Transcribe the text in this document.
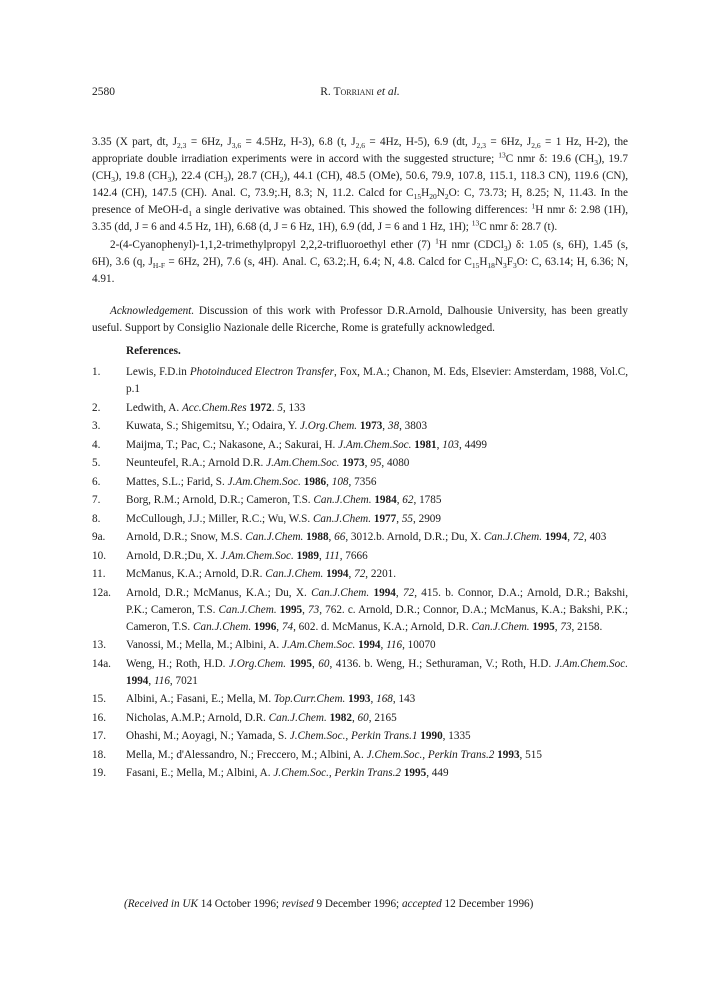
2580	R. Torriani et al.

3.35 (X part, dt, $J_{2,3} = 6Hz$, $J_{3,6} = 4.5Hz$, H-3), 6.8 (t, $J_{2,6} = 4Hz$, H-5), 6.9 (dt, $J_{2,3} = 6Hz$, $J_{2,6} = 1$ Hz, H-2), the appropriate double irradiation experiments were in accord with the suggested structure; $^{13}$C nmr δ: 19.6 $(CH_3)$, 19.7 $(CH_3)$, 19.8 $(CH_3)$, 22.4 $(CH_3)$, 28.7 $(CH_2)$, 44.1 (CH), 48.5 (OMe), 50.6, 79.9, 107.8, 115.1, 118.3 CN), 119.6 (CN), 142.4 (CH), 147.5 (CH). Anal. C, 73.9;.H, 8.3; N, 11.2. Calcd for $C_{15}H_{20}N_2O$: C, 73.73; H, 8.25; N, 11.43. In the presence of MeOH-$d_1$ a single derivative was obtained. This showed the following differences: $^1$H nmr δ: 2.98 (1H), 3.35 (dd, J = 6 and 4.5 Hz, 1H), 6.68 (d, J = 6 Hz, 1H), 6.9 (dd, J = 6 and 1 Hz, 1H); $^{13}$C nmr δ: 28.7 (t).

2-(4-Cyanophenyl)-1,1,2-trimethylpropyl 2,2,2-trifluoroethyl ether (7) $^1$H nmr (CDCl$_3$) δ: 1.05 (s, 6H), 1.45 (s, 6H), 3.6 (q, $J_{H-F} = 6Hz$, 2H), 7.6 (s, 4H). Anal. C, 63.2;.H, 6.4; N, 4.8. Calcd for $C_{15}H_{18}N_3F_3O$: C, 63.14; H, 6.36; N, 4.91.

Acknowledgement. Discussion of this work with Professor D.R.Arnold, Dalhousie University, has been greatly useful. Support by Consiglio Nazionale delle Ricerche, Rome is gratefully acknowledged.

References.
1. Lewis, F.D.in Photoinduced Electron Transfer, Fox, M.A.; Chanon, M. Eds, Elsevier: Amsterdam, 1988, Vol.C, p.1
2. Ledwith, A. Acc.Chem.Res 1972. 5, 133
3. Kuwata, S.; Shigemitsu, Y.; Odaira, Y. J.Org.Chem. 1973, 38, 3803
4. Maijma, T.; Pac, C.; Nakasone, A.; Sakurai, H. J.Am.Chem.Soc. 1981, 103, 4499
5. Neunteufel, R.A.; Arnold D.R. J.Am.Chem.Soc. 1973, 95, 4080
6. Mattes, S.L.; Farid, S. J.Am.Chem.Soc. 1986, 108, 7356
7. Borg, R.M.; Arnold, D.R.; Cameron, T.S. Can.J.Chem. 1984, 62, 1785
8. McCullough, J.J.; Miller, R.C.; Wu, W.S. Can.J.Chem. 1977, 55, 2909
9a. Arnold, D.R.; Snow, M.S. Can.J.Chem. 1988, 66, 3012.b. Arnold, D.R.; Du, X. Can.J.Chem. 1994, 72, 403
10. Arnold, D.R.;Du, X. J.Am.Chem.Soc. 1989, 111, 7666
11. McManus, K.A.; Arnold, D.R. Can.J.Chem. 1994, 72, 2201.
12a. Arnold, D.R.; McManus, K.A.; Du, X. Can.J.Chem. 1994, 72, 415. b. Connor, D.A.; Arnold, D.R.; Bakshi, P.K.; Cameron, T.S. Can.J.Chem. 1995, 73, 762. c. Arnold, D.R.; Connor, D.A.; McManus, K.A.; Bakshi, P.K.; Cameron, T.S. Can.J.Chem. 1996, 74, 602. d. McManus, K.A.; Arnold, D.R. Can.J.Chem. 1995, 73, 2158.
13. Vanossi, M.; Mella, M.; Albini, A. J.Am.Chem.Soc. 1994, 116, 10070
14a. Weng, H.; Roth, H.D. J.Org.Chem. 1995, 60, 4136. b. Weng, H.; Sethuraman, V.; Roth, H.D. J.Am.Chem.Soc. 1994, 116, 7021
15. Albini, A.; Fasani, E.; Mella, M. Top.Curr.Chem. 1993, 168, 143
16. Nicholas, A.M.P.; Arnold, D.R. Can.J.Chem. 1982, 60, 2165
17. Ohashi, M.; Aoyagi, N.; Yamada, S. J.Chem.Soc., Perkin Trans.1 1990, 1335
18. Mella, M.; d'Alessandro, N.; Freccero, M.; Albini, A. J.Chem.Soc., Perkin Trans.2 1993, 515
19. Fasani, E.; Mella, M.; Albini, A. J.Chem.Soc., Perkin Trans.2 1995, 449
(Received in UK 14 October 1996; revised 9 December 1996; accepted 12 December 1996)
